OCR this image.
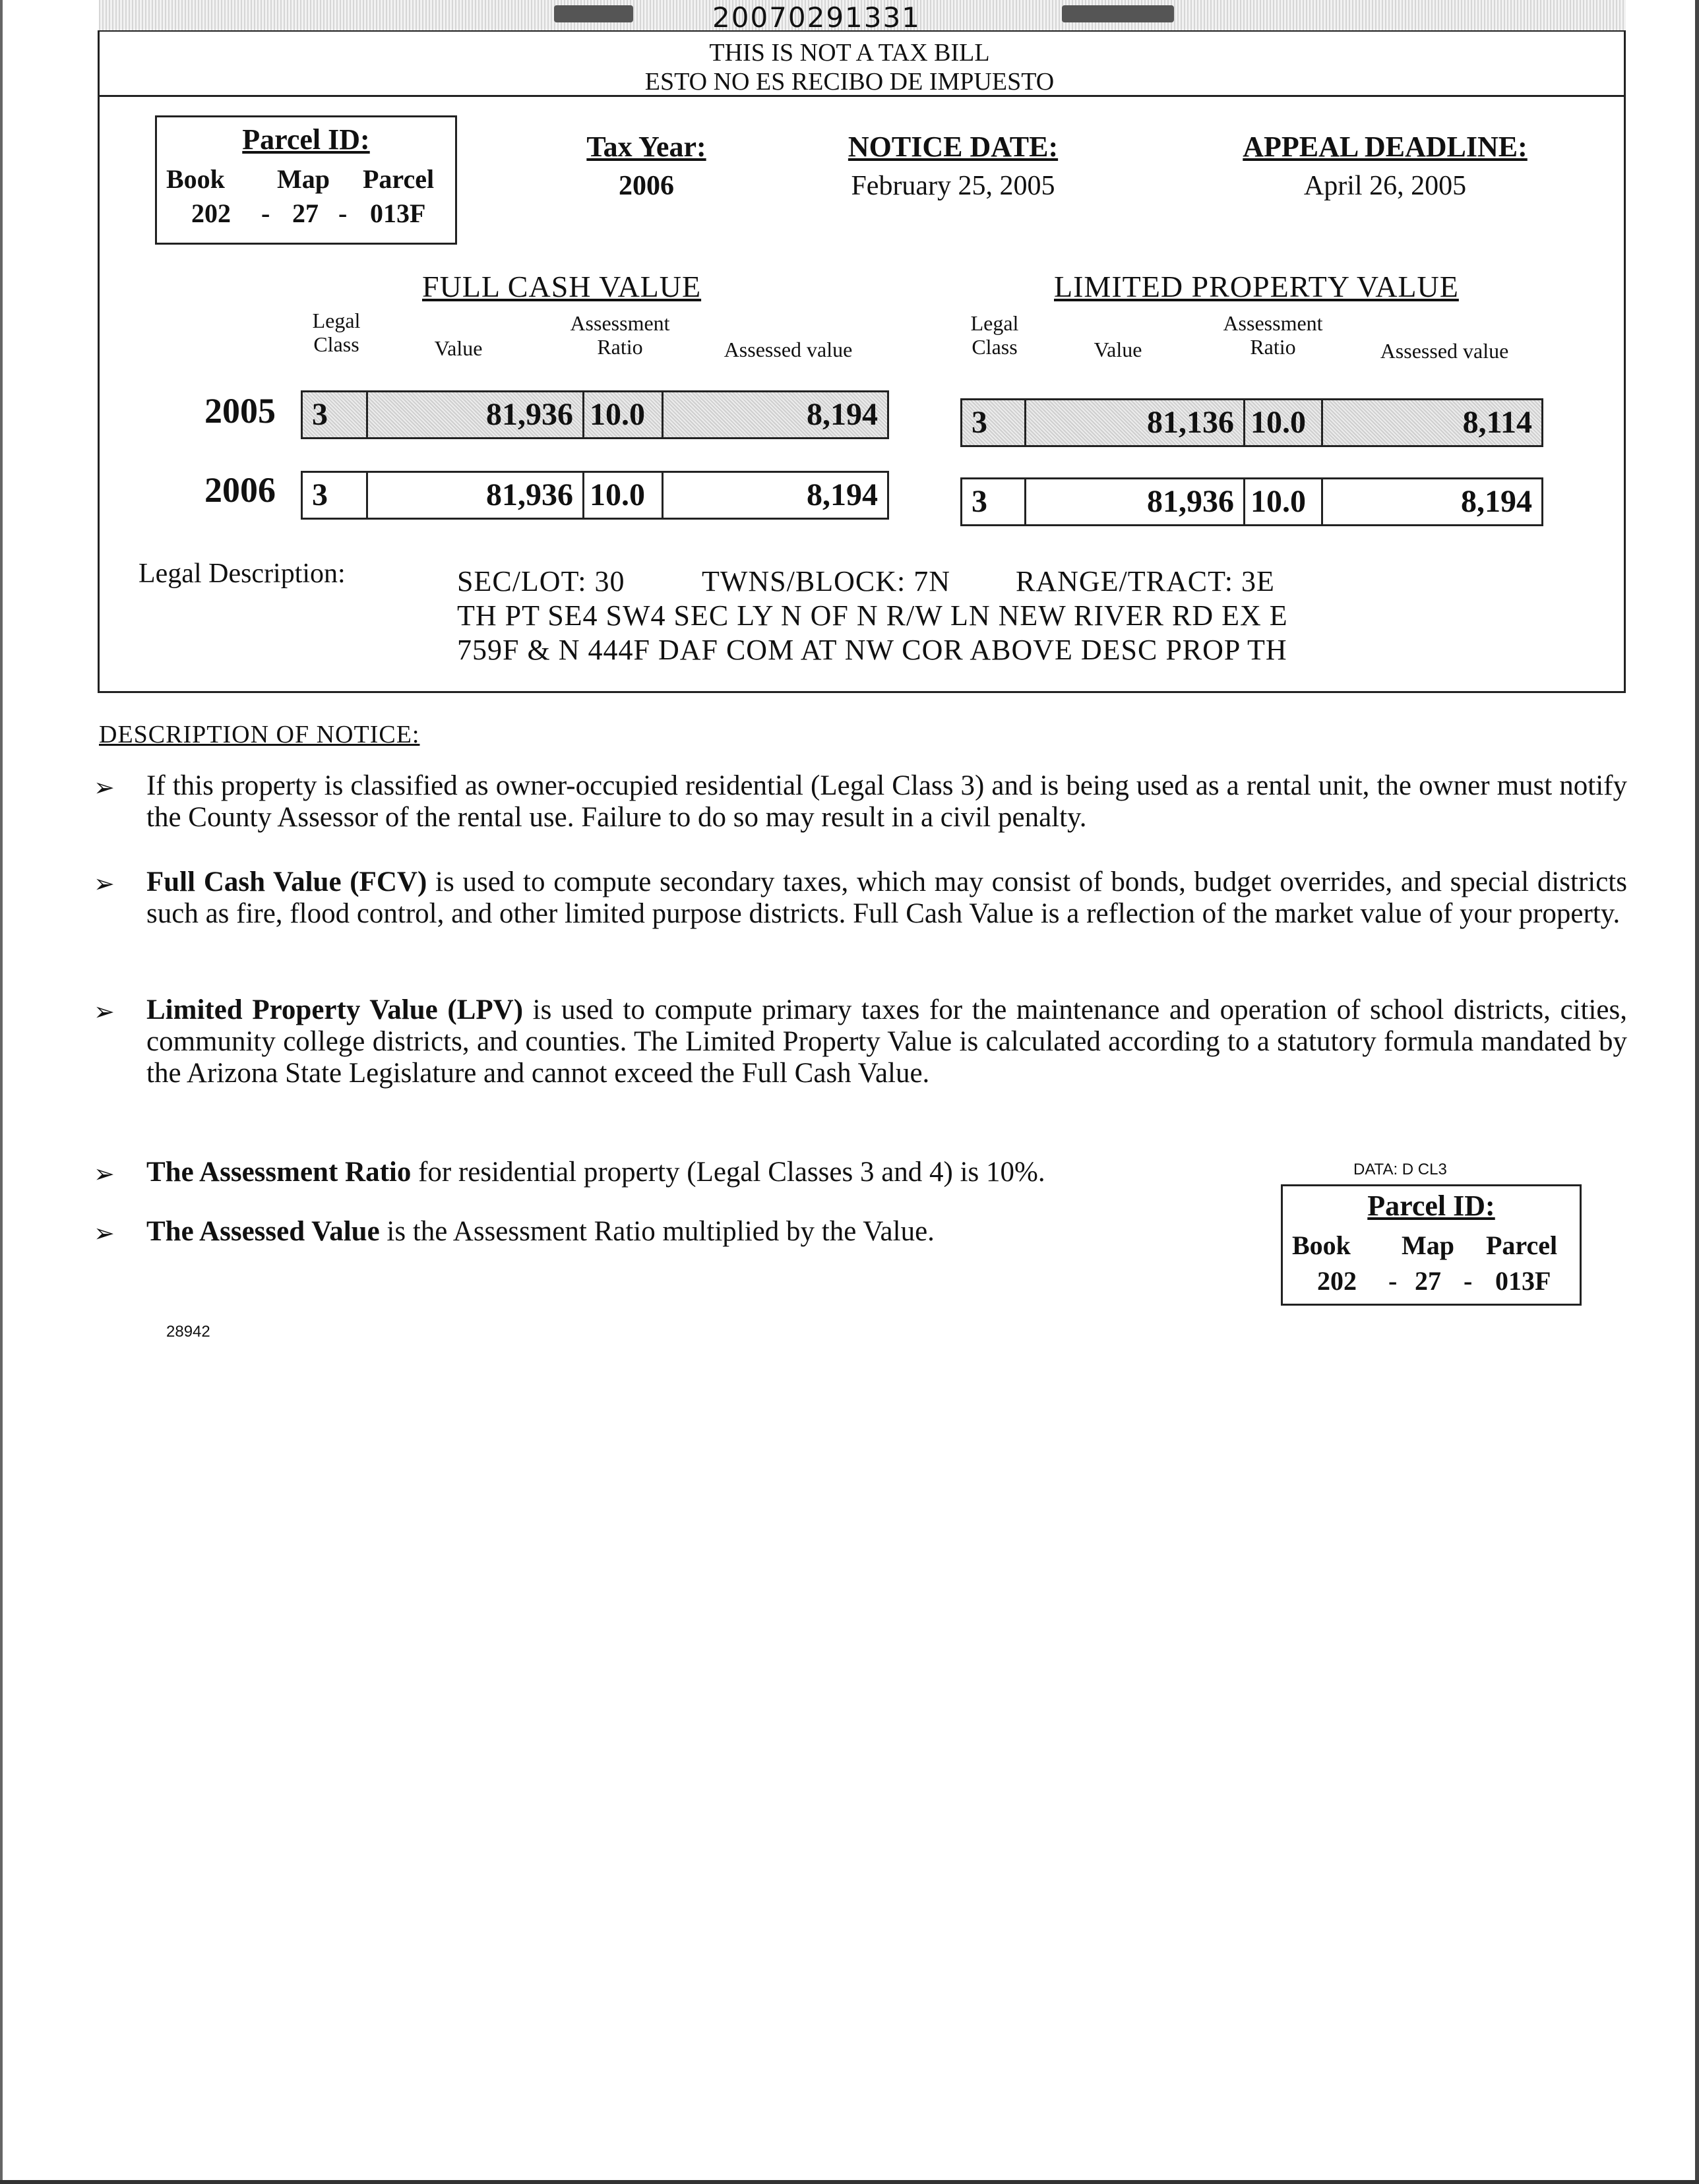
20070291331
THIS IS NOT A TAX BILL
ESTO NO ES RECIBO DE IMPUESTO
Parcel ID:
Book Map Parcel
202 - 27 - 013F
Tax Year:
2006
NOTICE DATE:
February 25, 2005
APPEAL DEADLINE:
April 26, 2005
FULL CASH VALUE
Legal
Class	Value
Assessment
Ratio	Assessed value
LIMITED PROPERTY VALUE
Legal
Class	Value
Assessment
Ratio	Assessed value
2005 3	81,936 10.0	8,194	3	81,136 10.0	8,114
2006 3	81,936 10.0	8,194	3	81,936 10.0	8,194
Legal Description:	SEC/LOT: 30	TWNS/BLOCK: 7N RANGE/TRACT: 3E
TH PT SE4 SW4 SEC LY N OF N R/W LN NEW RIVER RD EX E
759F & N 444F DAF COM AT NW COR ABOVE DESC PROP TH
DESCRIPTION OF NOTICE:
➢ If this property is classified as owner-occupied residential (Legal Class 3) and is being used as a rental unit, the owner must notify the County Assessor of the rental use. Failure to do so may result in a civil penalty.
➢ Full Cash Value (FCV) is used to compute secondary taxes, which may consist of bonds, budget overrides, and special districts such as fire, flood control, and other limited purpose districts. Full Cash Value is a reflection of the market value of your property.
➢ Limited Property Value (LPV) is used to compute primary taxes for the maintenance and operation of school districts, cities, community college districts, and counties. The Limited Property Value is calculated according to a statutory formula mandated by the Arizona State Legislature and cannot exceed the Full Cash Value.
➢ The Assessment Ratio for residential property (Legal Classes 3 and 4) is 10%.
➢ The Assessed Value is the Assessment Ratio multiplied by the Value.
DATA: D CL3
Parcel ID:
Book Map Parcel
202 - 27 - 013F
28942
